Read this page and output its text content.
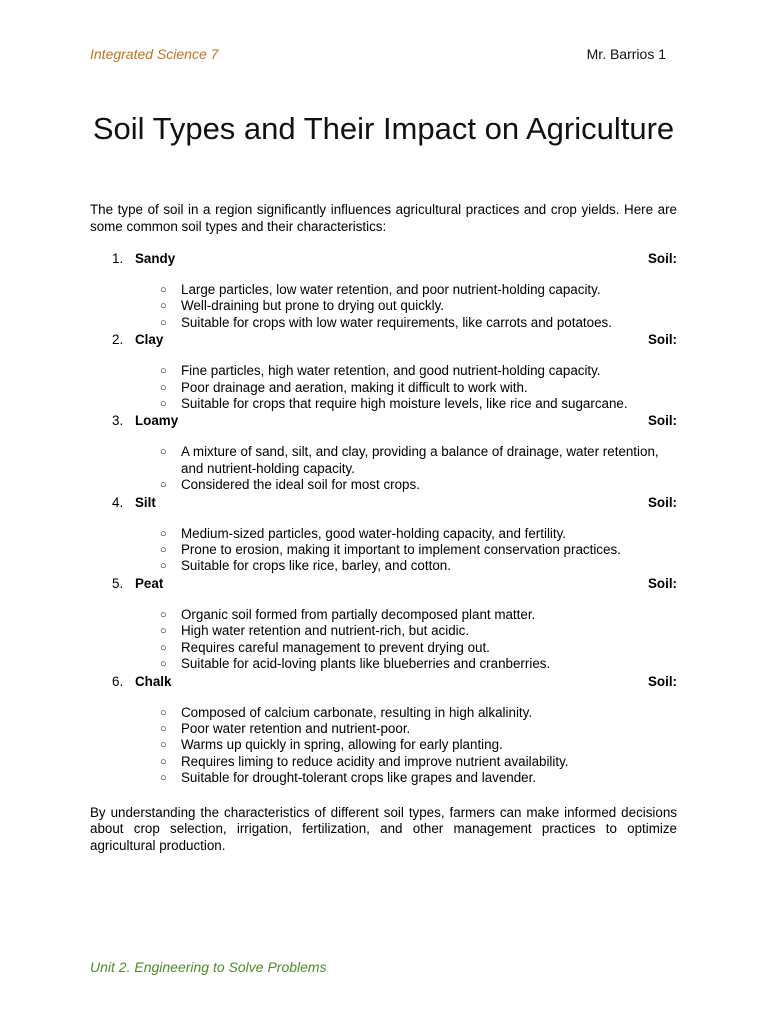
Integrated Science 7	Mr. Barrios 1
Soil Types and Their Impact on Agriculture
The type of soil in a region significantly influences agricultural practices and crop yields. Here are some common soil types and their characteristics:
1. Sandy	Soil:
○ Large particles, low water retention, and poor nutrient-holding capacity.
○ Well-draining but prone to drying out quickly.
○ Suitable for crops with low water requirements, like carrots and potatoes.
2. Clay	Soil:
○ Fine particles, high water retention, and good nutrient-holding capacity.
○ Poor drainage and aeration, making it difficult to work with.
○ Suitable for crops that require high moisture levels, like rice and sugarcane.
3. Loamy	Soil:
○ A mixture of sand, silt, and clay, providing a balance of drainage, water retention, and nutrient-holding capacity.
○ Considered the ideal soil for most crops.
4. Silt	Soil:
○ Medium-sized particles, good water-holding capacity, and fertility.
○ Prone to erosion, making it important to implement conservation practices.
○ Suitable for crops like rice, barley, and cotton.
5. Peat	Soil:
○ Organic soil formed from partially decomposed plant matter.
○ High water retention and nutrient-rich, but acidic.
○ Requires careful management to prevent drying out.
○ Suitable for acid-loving plants like blueberries and cranberries.
6. Chalk	Soil:
○ Composed of calcium carbonate, resulting in high alkalinity.
○ Poor water retention and nutrient-poor.
○ Warms up quickly in spring, allowing for early planting.
○ Requires liming to reduce acidity and improve nutrient availability.
○ Suitable for drought-tolerant crops like grapes and lavender.
By understanding the characteristics of different soil types, farmers can make informed decisions about crop selection, irrigation, fertilization, and other management practices to optimize agricultural production.
Unit 2. Engineering to Solve Problems
